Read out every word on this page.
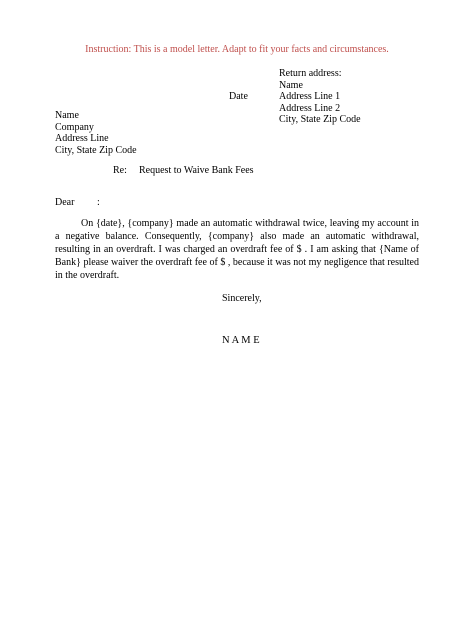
Instruction: This is a model letter. Adapt to fit your facts and circumstances.
Return address:
Name
Address Line 1
Address Line 2
City, State Zip Code
Date
Name
Company
Address Line
City, State Zip Code
Re: Request to Waive Bank Fees
Dear :
On {date}, {company} made an automatic withdrawal twice, leaving my account in a negative balance. Consequently, {company} also made an automatic withdrawal, resulting in an overdraft. I was charged an overdraft fee of $ . I am asking that {Name of Bank} please waiver the overdraft fee of $ , because it was not my negligence that resulted in the overdraft.
Sincerely,
N A M E
